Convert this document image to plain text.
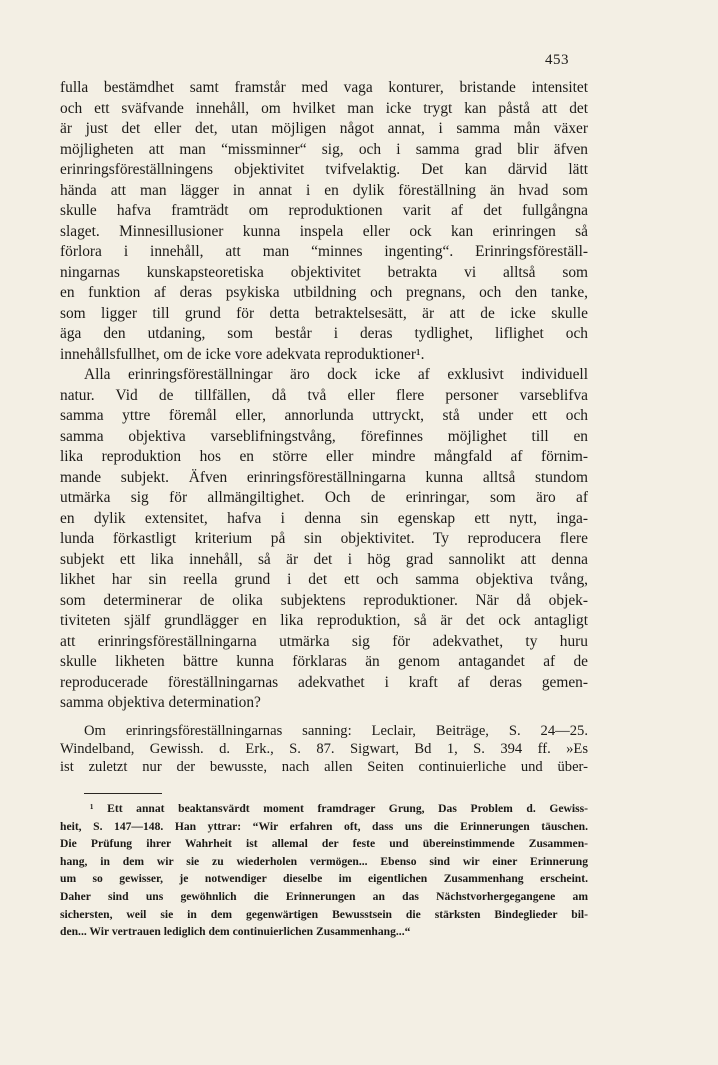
453
fulla bestämdhet samt framstår med vaga konturer, bristande intensitet
och ett sväfvande innehåll, om hvilket man icke trygt kan påstå att det
är just det eller det, utan möjligen något annat, i samma mån växer
möjligheten att man “missminner“ sig, och i samma grad blir äfven
erinringsföreställningens objektivitet tvifvelaktig. Det kan därvid lätt
hända att man lägger in annat i en dylik föreställning än hvad som
skulle hafva framträdt om reproduktionen varit af det fullgångna
slaget. Minnesillusioner kunna inspela eller ock kan erinringen så
förlora i innehåll, att man “minnes ingenting“. Erinringsföreställ-
ningarnas kunskapsteoretiska objektivitet betrakta vi alltså som
en funktion af deras psykiska utbildning och pregnans, och den tanke,
som ligger till grund för detta betraktelsesätt, är att de icke skulle
äga den utdaning, som består i deras tydlighet, liflighet och
innehållsfullhet, om de icke vore adekvata reproduktioner¹.
Alla erinringsföreställningar äro dock icke af exklusivt individuell
natur. Vid de tillfällen, då två eller flere personer varseblifva
samma yttre föremål eller, annorlunda uttryckt, stå under ett och
samma objektiva varseblifningstvång, förefinnes möjlighet till en
lika reproduktion hos en större eller mindre mångfald af förnim-
mande subjekt. Äfven erinringsföreställningarna kunna alltså stundom
utmärka sig för allmängiltighet. Och de erinringar, som äro af
en dylik extensitet, hafva i denna sin egenskap ett nytt, inga-
lunda förkastligt kriterium på sin objektivitet. Ty reproducera flere
subjekt ett lika innehåll, så är det i hög grad sannolikt att denna
likhet har sin reella grund i det ett och samma objektiva tvång,
som determinerar de olika subjektens reproduktioner. När då objek-
tiviteten själf grundlägger en lika reproduktion, så är det ock antagligt
att erinringsföreställningarna utmärka sig för adekvathet, ty huru
skulle likheten bättre kunna förklaras än genom antagandet af de
reproducerade föreställningarnas adekvathet i kraft af deras gemen-
samma objektiva determination?
Om erinringsföreställningarnas sanning: Leclair, Beiträge, S. 24—25.
Windelband, Gewissh. d. Erk., S. 87. Sigwart, Bd 1, S. 394 ff. »Es
ist zuletzt nur der bewusste, nach allen Seiten continuierliche und über-
¹ Ett annat beaktansvärdt moment framdrager Grung, Das Problem d. Gewiss-
heit, S. 147—148. Han yttrar: “Wir erfahren oft, dass uns die Erinnerungen täuschen.
Die Prüfung ihrer Wahrheit ist allemal der feste und übereinstimmende Zusammen-
hang, in dem wir sie zu wiederholen vermögen... Ebenso sind wir einer Erinnerung
um so gewisser, je notwendiger dieselbe im eigentlichen Zusammenhang erscheint.
Daher sind uns gewöhnlich die Erinnerungen an das Nächstvorhergegangene am
sichersten, weil sie in dem gegenwärtigen Bewusstsein die stärksten Bindeglieder bil-
den... Wir vertrauen lediglich dem continuierlichen Zusammenhang...“
